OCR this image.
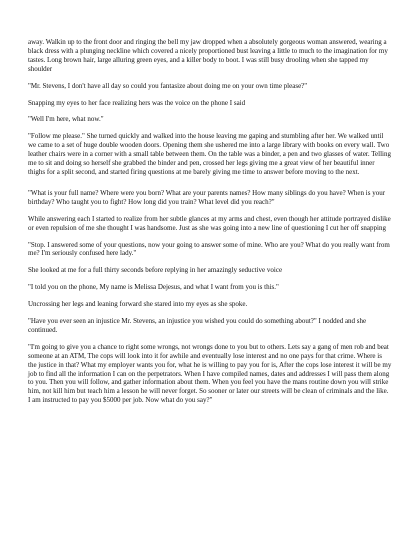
away. Walkin up to the front door and ringing the bell my jaw dropped when a absolutely gorgeous woman answered, wearing a black dress with a plunging neckline which covered a nicely proportioned bust leaving a little to much to the imagination for my tastes. Long brown hair, large alluring green eyes, and a killer body to boot. I was still busy drooling when she tapped my shoulder

"Mr. Stevens, I don't have all day so could you fantasize about doing me on your own time please?"

Snapping my eyes to her face realizing hers was the voice on the phone I said

"Well I'm here, what now."

"Follow me please." She turned quickly and walked into the house leaving me gaping and stumbling after her. We walked until we came to a set of huge double wooden doors. Opening them she ushered me into a large library with books on every wall. Two leather chairs were in a corner with a small table between them. On the table was a binder, a pen and two glasses of water. Telling me to sit and doing so herself she grabbed the binder and pen, crossed her legs giving me a great view of her beautiful inner thighs for a split second, and started firing questions at me barely giving me time to answer before moving to the next.

"What is your full name? Where were you born? What are your parents names? How many siblings do you have? When is your birthday? Who taught you to fight? How long did you train? What level did you reach?"

While answering each I started to realize from her subtle glances at my arms and chest, even though her attitude portrayed dislike or even repulsion of me she thought I was handsome. Just as she was going into a new line of questioning I cut her off snapping

"Stop. I answered some of your questions, now your going to answer some of mine. Who are you? What do you really want from me? I'm seriously confused here lady."

She looked at me for a full thirty seconds before replying in her amazingly seductive voice

"I told you on the phone, My name is Melissa Dejesus, and what I want from you is this."

Uncrossing her legs and leaning forward she stared into my eyes as she spoke.

"Have you ever seen an injustice Mr. Stevens, an injustice you wished you could do something about?" I nodded and she continued.

"I'm going to give you a chance to right some wrongs, not wrongs done to you but to others. Lets say a gang of men rob and beat someone at an ATM, The cops will look into it for awhile and eventually lose interest and no one pays for that crime. Where is the justice in that? What my employer wants you for, what he is willing to pay you for is, After the cops lose interest it will be my job to find all the information I can on the perpetrators. When I have compiled names, dates and addresses I will pass them along to you. Then you will follow, and gather information about them. When you feel you have the mans routine down you will strike him, not kill him but teach him a lesson he will never forget. So sooner or later our streets will be clean of criminals and the like. I am instructed to pay you $5000 per job. Now what do you say?"
